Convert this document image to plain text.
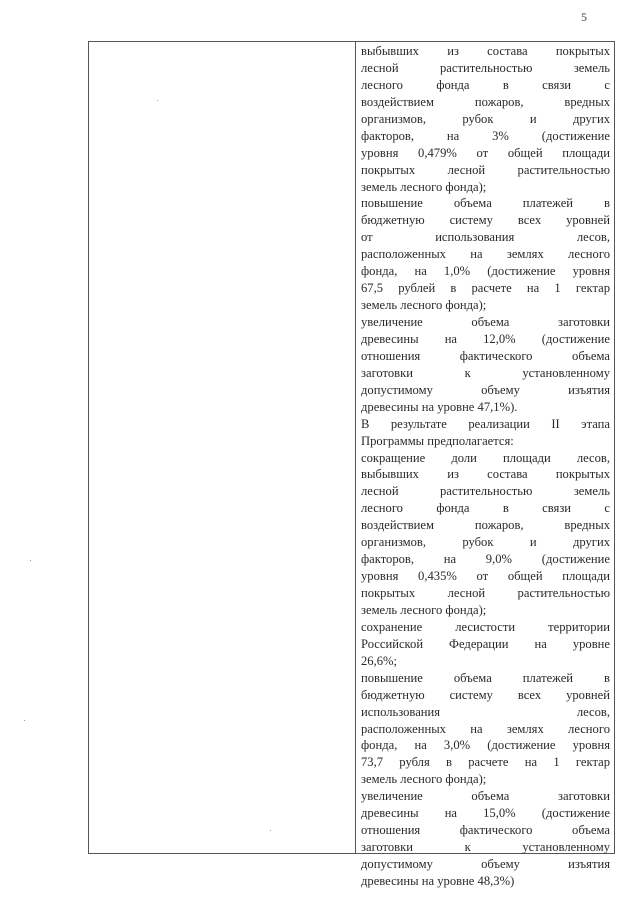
5
выбывших из состава покрытых
лесной растительностью земель
лесного фонда в связи с
воздействием пожаров, вредных
организмов, рубок и других
факторов, на 3% (достижение
уровня 0,479% от общей площади
покрытых лесной растительностью
земель лесного фонда);
повышение объема платежей в
бюджетную систему всех уровней
от использования лесов,
расположенных на землях лесного
фонда, на 1,0% (достижение уровня
67,5 рублей в расчете на 1 гектар
земель лесного фонда);
увеличение объема заготовки
древесины на 12,0% (достижение
отношения фактического объема
заготовки к установленному
допустимому объему изъятия
древесины на уровне 47,1%).
В результате реализации II этапа
Программы предполагается:
сокращение доли площади лесов,
выбывших из состава покрытых
лесной растительностью земель
лесного фонда в связи с
воздействием пожаров, вредных
организмов, рубок и других
факторов, на 9,0% (достижение
уровня 0,435% от общей площади
покрытых лесной растительностью
земель лесного фонда);
сохранение лесистости территории
Российской Федерации на уровне
26,6%;
повышение объема платежей в
бюджетную систему всех уровней
использования лесов,
расположенных на землях лесного
фонда, на 3,0% (достижение уровня
73,7 рубля в расчете на 1 гектар
земель лесного фонда);
увеличение объема заготовки
древесины на 15,0% (достижение
отношения фактического объема
заготовки к установленному
допустимому объему изъятия
древесины на уровне 48,3%)
